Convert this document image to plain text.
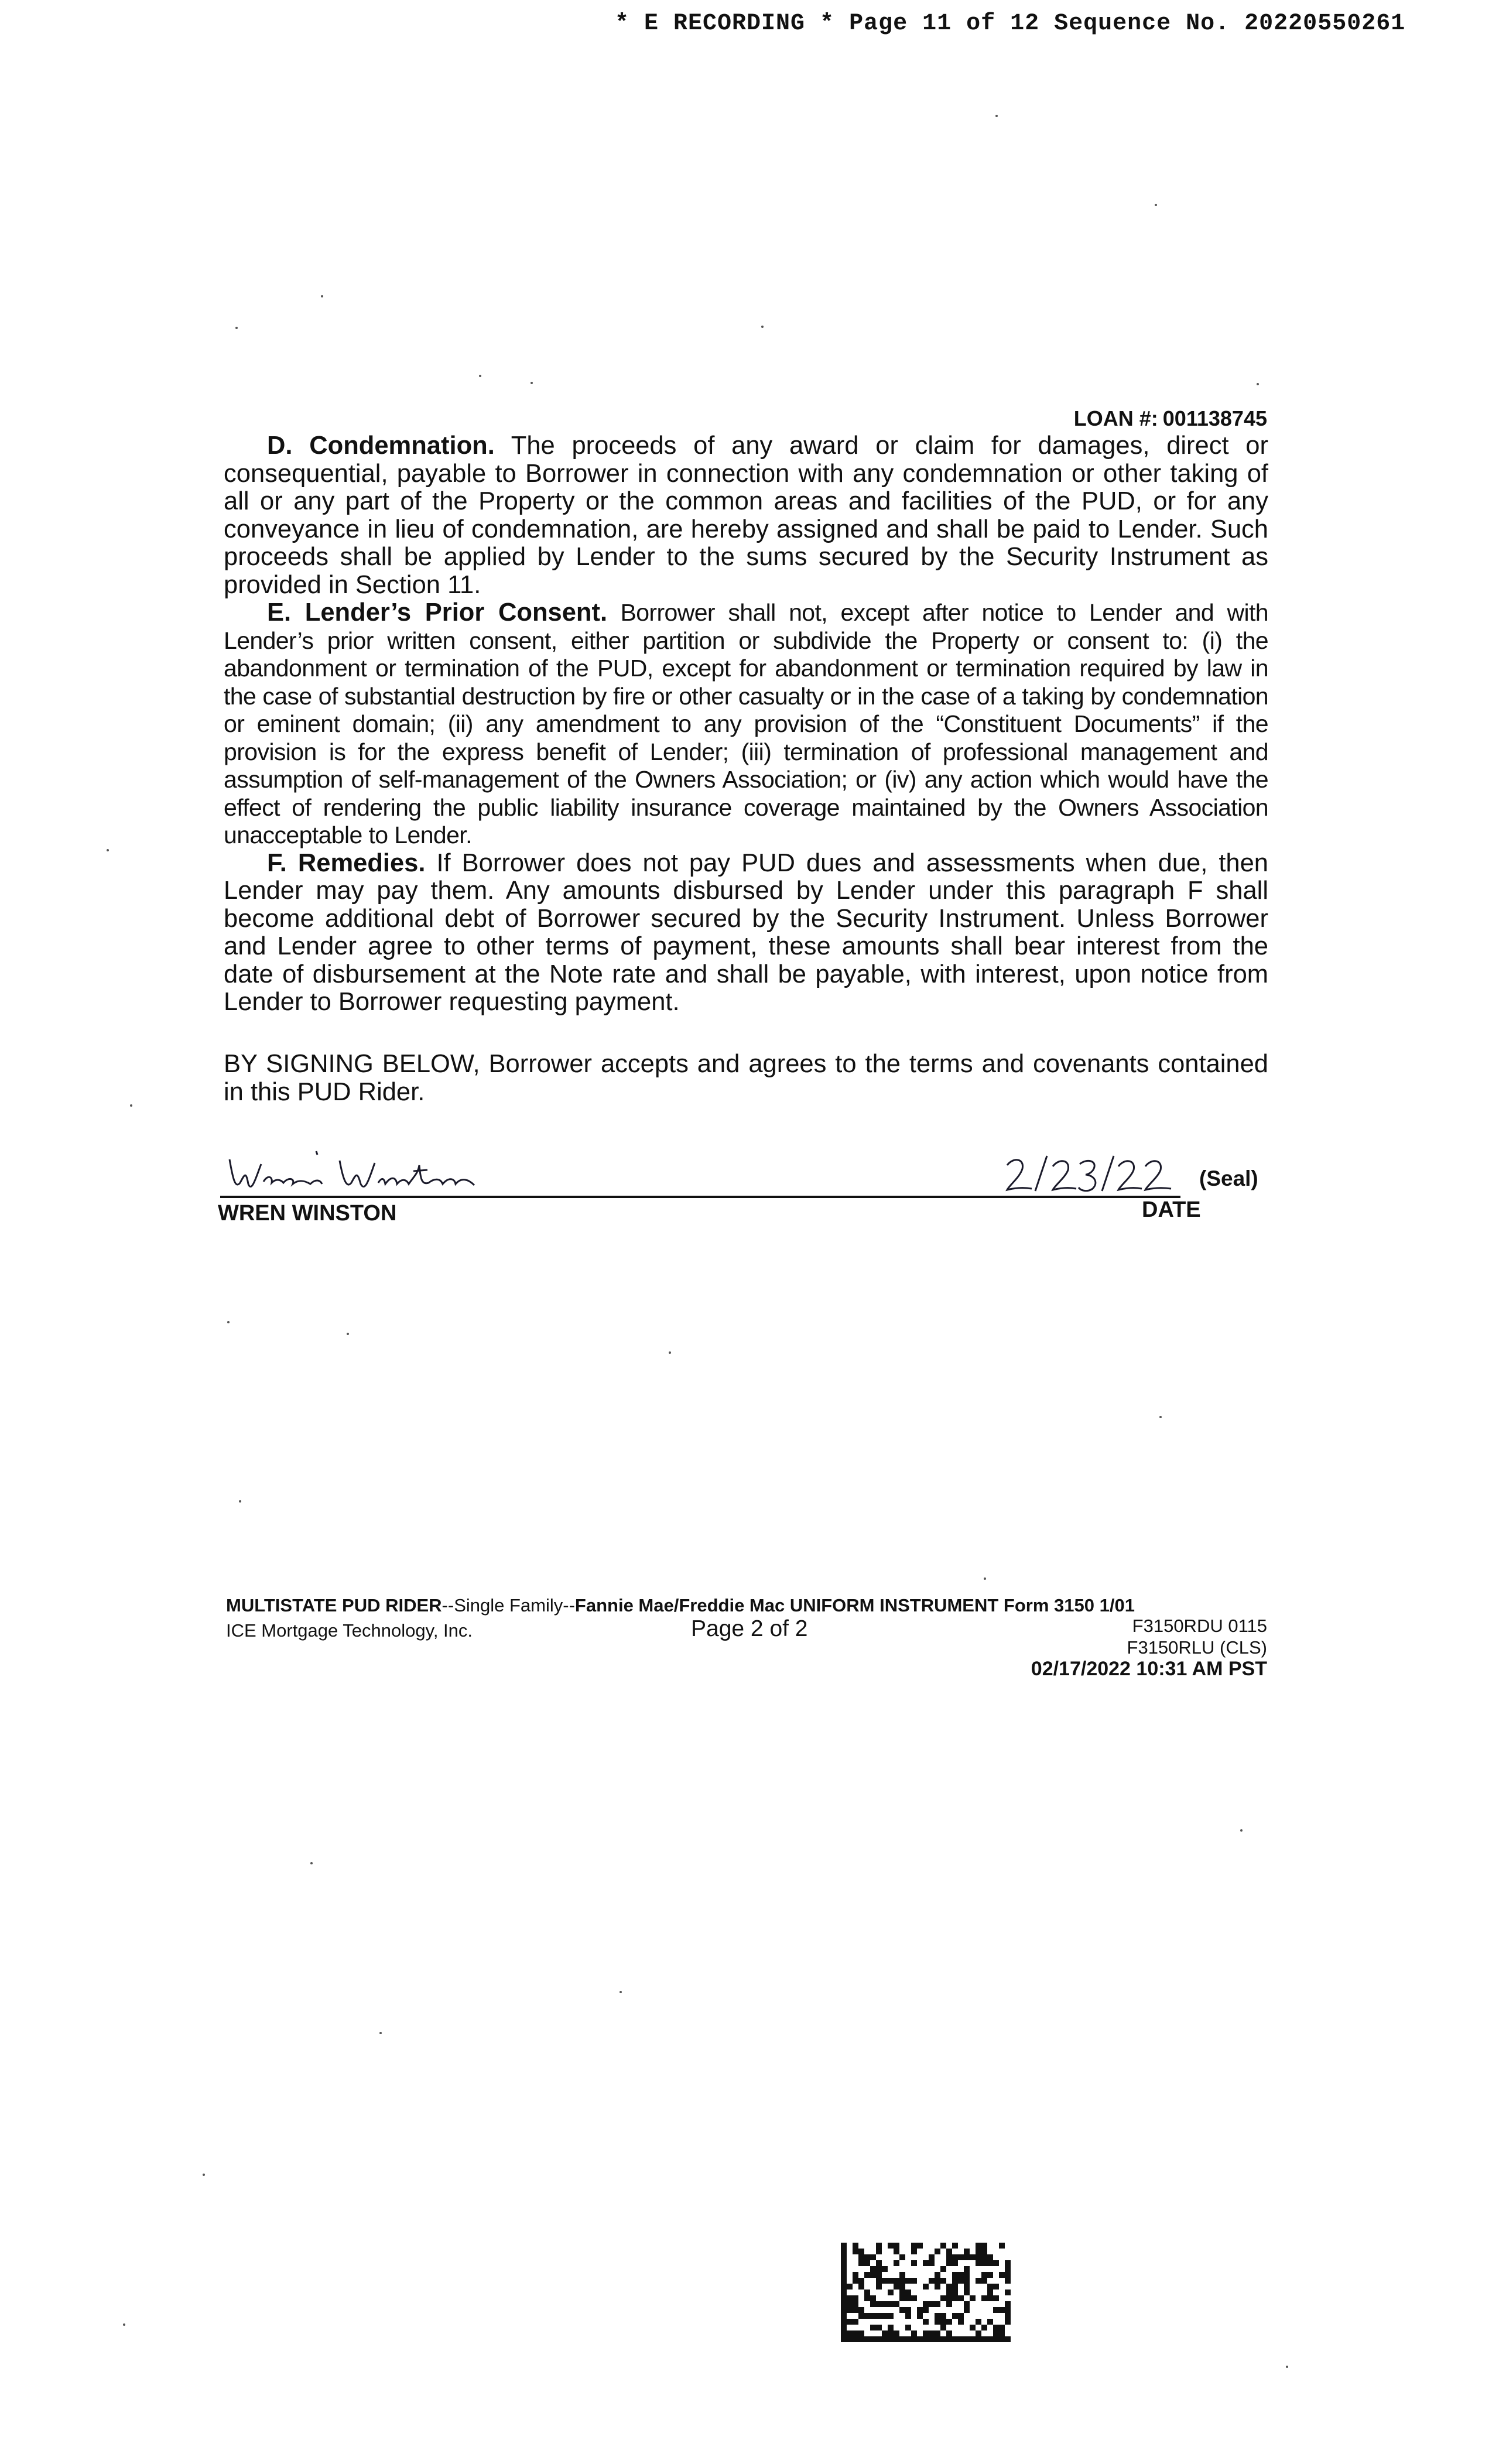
* E RECORDING * Page 11 of 12 Sequence No. 20220550261
LOAN #: 001138745

D. Condemnation. The proceeds of any award or claim for damages, direct or consequential, payable to Borrower in connection with any condemnation or other taking of all or any part of the Property or the common areas and facilities of the PUD, or for any conveyance in lieu of condemnation, are hereby assigned and shall be paid to Lender. Such proceeds shall be applied by Lender to the sums secured by the Security Instrument as provided in Section 11.

E. Lender’s Prior Consent. Borrower shall not, except after notice to Lender and with Lender’s prior written consent, either partition or subdivide the Property or consent to: (i) the abandonment or termination of the PUD, except for abandonment or termination required by law in the case of substantial destruction by fire or other casualty or in the case of a taking by condemnation or eminent domain; (ii) any amendment to any provision of the “Constituent Documents” if the provision is for the express benefit of Lender; (iii) termination of professional management and assumption of self-management of the Owners Association; or (iv) any action which would have the effect of rendering the public liability insurance coverage maintained by the Owners Association unacceptable to Lender.

F. Remedies. If Borrower does not pay PUD dues and assessments when due, then Lender may pay them. Any amounts disbursed by Lender under this paragraph F shall become additional debt of Borrower secured by the Security Instrument. Unless Borrower and Lender agree to other terms of payment, these amounts shall bear interest from the date of disbursement at the Note rate and shall be payable, with interest, upon notice from Lender to Borrower requesting payment.

BY SIGNING BELOW, Borrower accepts and agrees to the terms and covenants contained in this PUD Rider.
(Seal)
WREN WINSTON	DATE
MULTISTATE PUD RIDER--Single Family--Fannie Mae/Freddie Mac UNIFORM INSTRUMENT Form 3150 1/01
ICE Mortgage Technology, Inc.	Page 2 of 2	F3150RDU 0115
F3150RLU (CLS)
02/17/2022 10:31 AM PST
